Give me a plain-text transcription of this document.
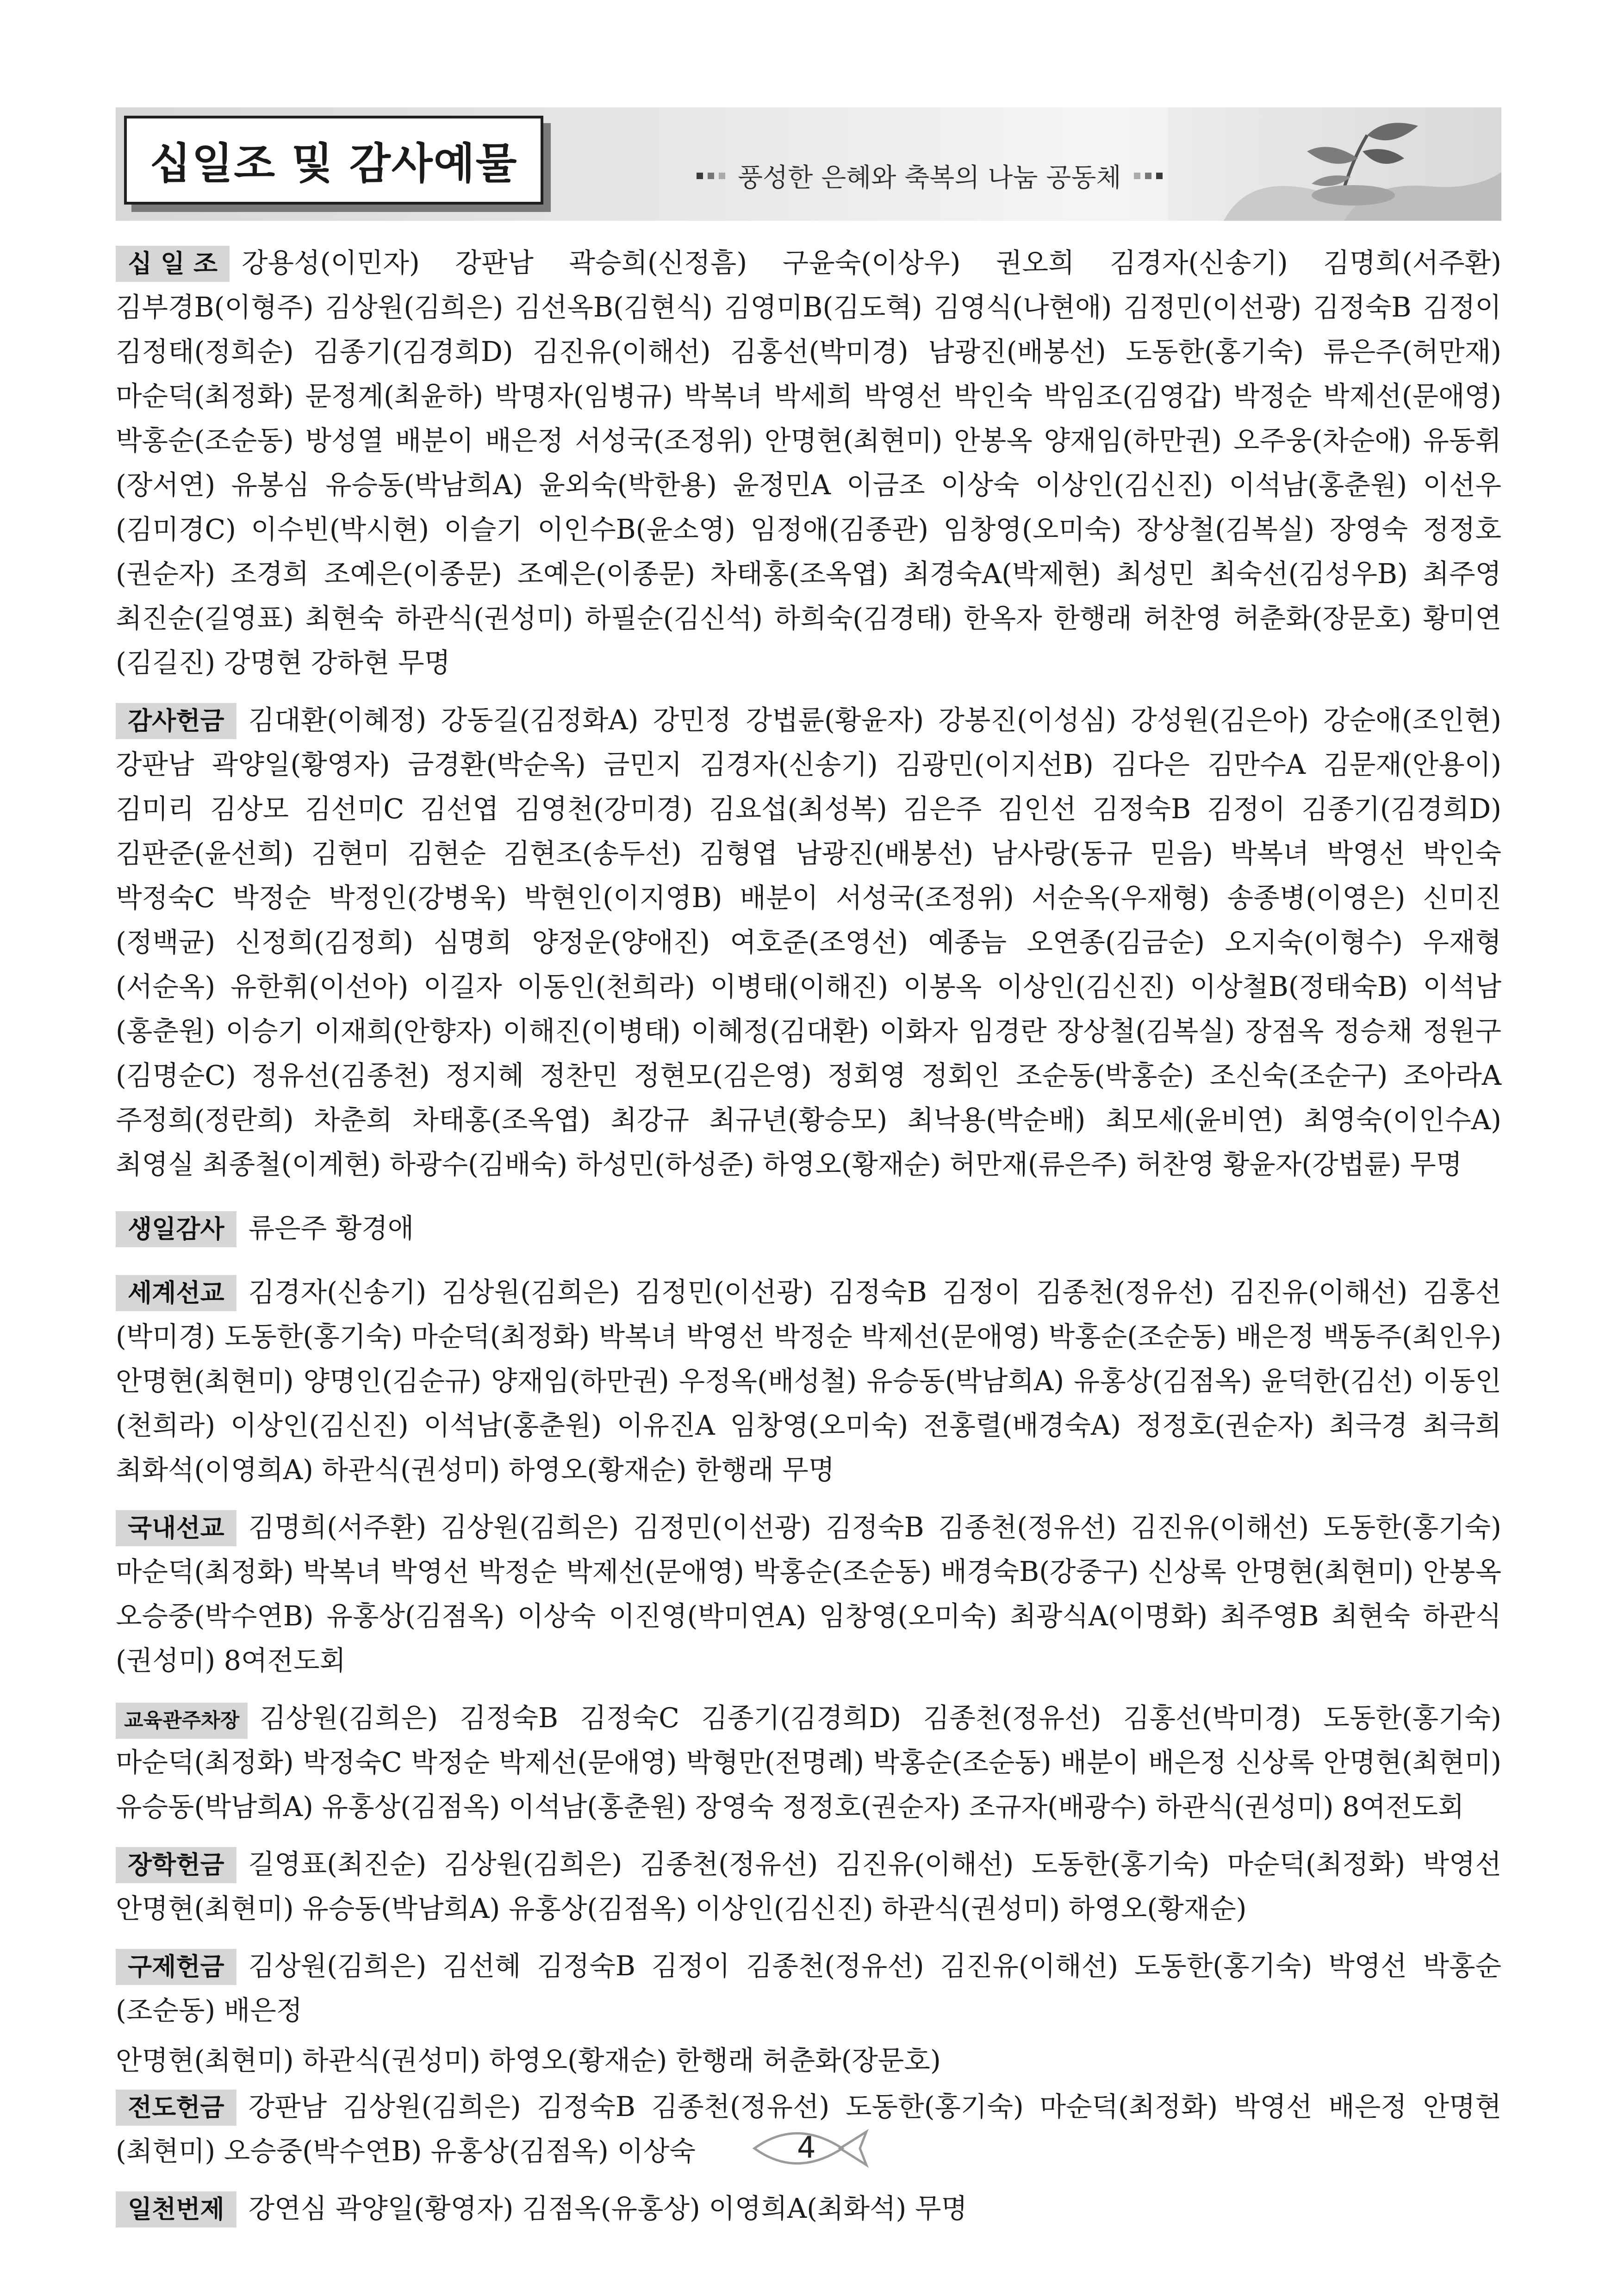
십일조 및 감사예물	풍성한 은혜와 축복의 나눔 공동체

십 일 조 강용성(이민자) 강판남 곽승희(신정흠) 구윤숙(이상우) 권오희 김경자(신송기) 김명희(서주환) 김부경B(이형주) 김상원(김희은) 김선옥B(김현식) 김영미B(김도혁) 김영식(나현애) 김정민(이선광) 김정숙B 김정이 김정태(정희순) 김종기(김경희D) 김진유(이해선) 김홍선(박미경) 남광진(배봉선) 도동한(홍기숙) 류은주(허만재) 마순덕(최정화) 문정계(최윤하) 박명자(임병규) 박복녀 박세희 박영선 박인숙 박임조(김영갑) 박정순 박제선(문애영) 박홍순(조순동) 방성열 배분이 배은정 서성국(조정위) 안명현(최현미) 안봉옥 양재임(하만권) 오주웅(차순애) 유동휘(장서연) 유봉심 유승동(박남희A) 윤외숙(박한용) 윤정민A 이금조 이상숙 이상인(김신진) 이석남(홍춘원) 이선우(김미경C) 이수빈(박시현) 이슬기 이인수B(윤소영) 임정애(김종관) 임창영(오미숙) 장상철(김복실) 장영숙 정정호(권순자) 조경희 조예은(이종문) 조예은(이종문) 차태홍(조옥엽) 최경숙A(박제현) 최성민 최숙선(김성우B) 최주영 최진순(길영표) 최현숙 하관식(권성미) 하필순(김신석) 하희숙(김경태) 한옥자 한행래 허찬영 허춘화(장문호) 황미연(김길진) 강명현 강하현 무명

감사헌금 김대환(이혜정) 강동길(김정화A) 강민정 강법륜(황윤자) 강봉진(이성심) 강성원(김은아) 강순애(조인현) 강판남 곽양일(황영자) 금경환(박순옥) 금민지 김경자(신송기) 김광민(이지선B) 김다은 김만수A 김문재(안용이) 김미리 김상모 김선미C 김선엽 김영천(강미경) 김요섭(최성복) 김은주 김인선 김정숙B 김정이 김종기(김경희D) 김판준(윤선희) 김현미 김현순 김현조(송두선) 김형엽 남광진(배봉선) 남사랑(동규 믿음) 박복녀 박영선 박인숙 박정숙C 박정순 박정인(강병욱) 박현인(이지영B) 배분이 서성국(조정위) 서순옥(우재형) 송종병(이영은) 신미진(정백균) 신정희(김정희) 심명희 양정운(양애진) 여호준(조영선) 예종늠 오연종(김금순) 오지숙(이형수) 우재형(서순옥) 유한휘(이선아) 이길자 이동인(천희라) 이병태(이해진) 이봉옥 이상인(김신진) 이상철B(정태숙B) 이석남(홍춘원) 이승기 이재희(안향자) 이해진(이병태) 이혜정(김대환) 이화자 임경란 장상철(김복실) 장점옥 정승채 정원구(김명순C) 정유선(김종천) 정지혜 정찬민 정현모(김은영) 정회영 정회인 조순동(박홍순) 조신숙(조순구) 조아라A 주정희(정란희) 차춘희 차태홍(조옥엽) 최강규 최규년(황승모) 최낙용(박순배) 최모세(윤비연) 최영숙(이인수A) 최영실 최종철(이계현) 하광수(김배숙) 하성민(하성준) 하영오(황재순) 허만재(류은주) 허찬영 황윤자(강법륜) 무명

생일감사 류은주 황경애

세계선교 김경자(신송기) 김상원(김희은) 김정민(이선광) 김정숙B 김정이 김종천(정유선) 김진유(이해선) 김홍선(박미경) 도동한(홍기숙) 마순덕(최정화) 박복녀 박영선 박정순 박제선(문애영) 박홍순(조순동) 배은정 백동주(최인우) 안명현(최현미) 양명인(김순규) 양재임(하만권) 우정옥(배성철) 유승동(박남희A) 유홍상(김점옥) 윤덕한(김선) 이동인(천희라) 이상인(김신진) 이석남(홍춘원) 이유진A 임창영(오미숙) 전홍렬(배경숙A) 정정호(권순자) 최극경 최극희 최화석(이영희A) 하관식(권성미) 하영오(황재순) 한행래 무명

국내선교 김명희(서주환) 김상원(김희은) 김정민(이선광) 김정숙B 김종천(정유선) 김진유(이해선) 도동한(홍기숙) 마순덕(최정화) 박복녀 박영선 박정순 박제선(문애영) 박홍순(조순동) 배경숙B(강중구) 신상록 안명현(최현미) 안봉옥 오승중(박수연B) 유홍상(김점옥) 이상숙 이진영(박미연A) 임창영(오미숙) 최광식A(이명화) 최주영B 최현숙 하관식(권성미) 8여전도회

교육관주차장 김상원(김희은) 김정숙B 김정숙C 김종기(김경희D) 김종천(정유선) 김홍선(박미경) 도동한(홍기숙) 마순덕(최정화) 박정숙C 박정순 박제선(문애영) 박형만(전명례) 박홍순(조순동) 배분이 배은정 신상록 안명현(최현미) 유승동(박남희A) 유홍상(김점옥) 이석남(홍춘원) 장영숙 정정호(권순자) 조규자(배광수) 하관식(권성미) 8여전도회

장학헌금 길영표(최진순) 김상원(김희은) 김종천(정유선) 김진유(이해선) 도동한(홍기숙) 마순덕(최정화) 박영선 안명현(최현미) 유승동(박남희A) 유홍상(김점옥) 이상인(김신진) 하관식(권성미) 하영오(황재순)

구제헌금 김상원(김희은) 김선혜 김정숙B 김정이 김종천(정유선) 김진유(이해선) 도동한(홍기숙) 박영선 박홍순(조순동) 배은정

안명현(최현미) 하관식(권성미) 하영오(황재순) 한행래 허춘화(장문호)

전도헌금 강판남 김상원(김희은) 김정숙B 김종천(정유선) 도동한(홍기숙) 마순덕(최정화) 박영선 배은정 안명현(최현미) 오승중(박수연B) 유홍상(김점옥) 이상숙

일천번제 강연심 곽양일(황영자) 김점옥(유홍상) 이영희A(최화석) 무명

4
